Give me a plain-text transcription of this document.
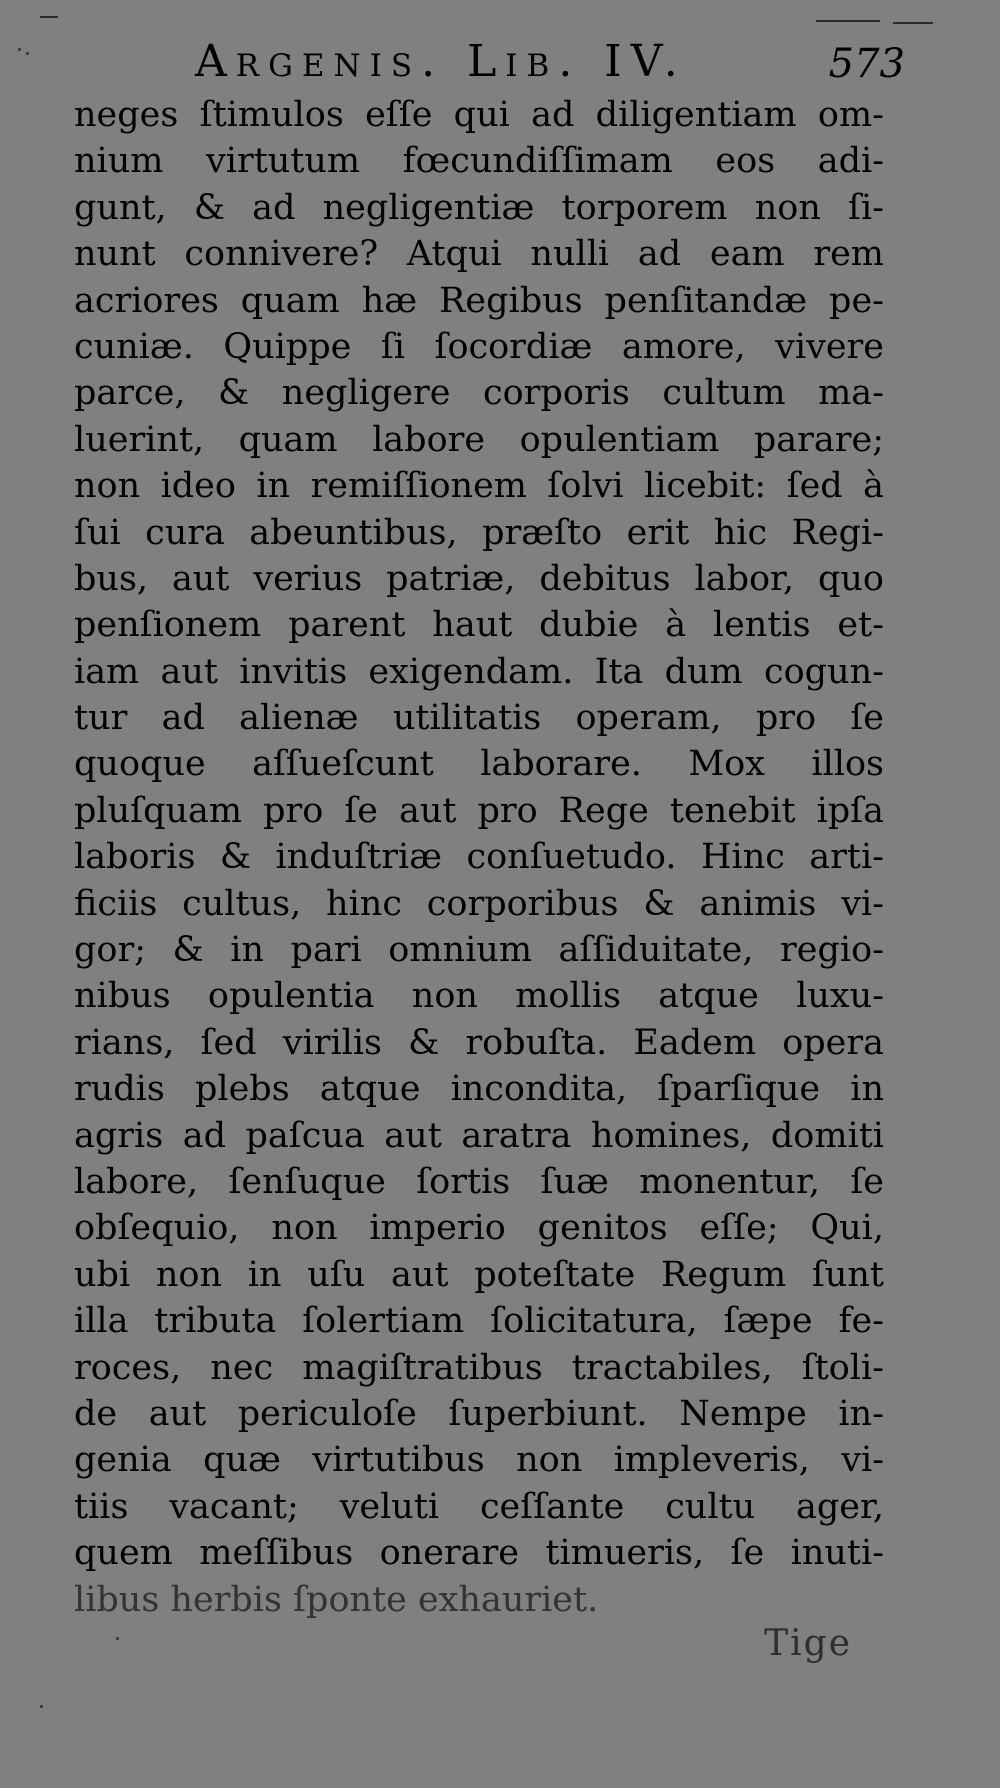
Argenis. Lib. IV.	573
neges ſtimulos eſſe qui ad diligentiam om-
nium virtutum fœcundiſſimam eos adi-
gunt, & ad negligentiæ torporem non ſi-
nunt connivere? Atqui nulli ad eam rem
acriores quam hæ Regibus penſitandæ pe-
cuniæ. Quippe ſi ſocordiæ amore, vivere
parce, & negligere corporis cultum ma-
luerint, quam labore opulentiam parare;
non ideo in remiſſionem ſolvi licebit: ſed à
ſui cura abeuntibus, præſto erit hic Regi-
bus, aut verius patriæ, debitus labor, quo
penſionem parent haut dubie à lentis et-
iam aut invitis exigendam. Ita dum cogun-
tur ad alienæ utilitatis operam, pro ſe
quoque aſſueſcunt laborare. Mox illos
pluſquam pro ſe aut pro Rege tenebit ipſa
laboris & induſtriæ conſuetudo. Hinc arti-
ficiis cultus, hinc corporibus & animis vi-
gor; & in pari omnium aſſiduitate, regio-
nibus opulentia non mollis atque luxu-
rians, ſed virilis & robuſta. Eadem opera
rudis plebs atque incondita, ſparſique in
agris ad paſcua aut aratra homines, domiti
labore, ſenſuque ſortis ſuæ monentur, ſe
obſequio, non imperio genitos eſſe; Qui,
ubi non in uſu aut poteſtate Regum ſunt
illa tributa ſolertiam ſolicitatura, ſæpe fe-
roces, nec magiſtratibus tractabiles, ſtoli-
de aut periculoſe ſuperbiunt. Nempe in-
genia quæ virtutibus non impleveris, vi-
tiis vacant; veluti ceſſante cultu ager,
quem meſſibus onerare timueris, ſe inuti-
libus herbis ſponte exhauriet.
Tige
